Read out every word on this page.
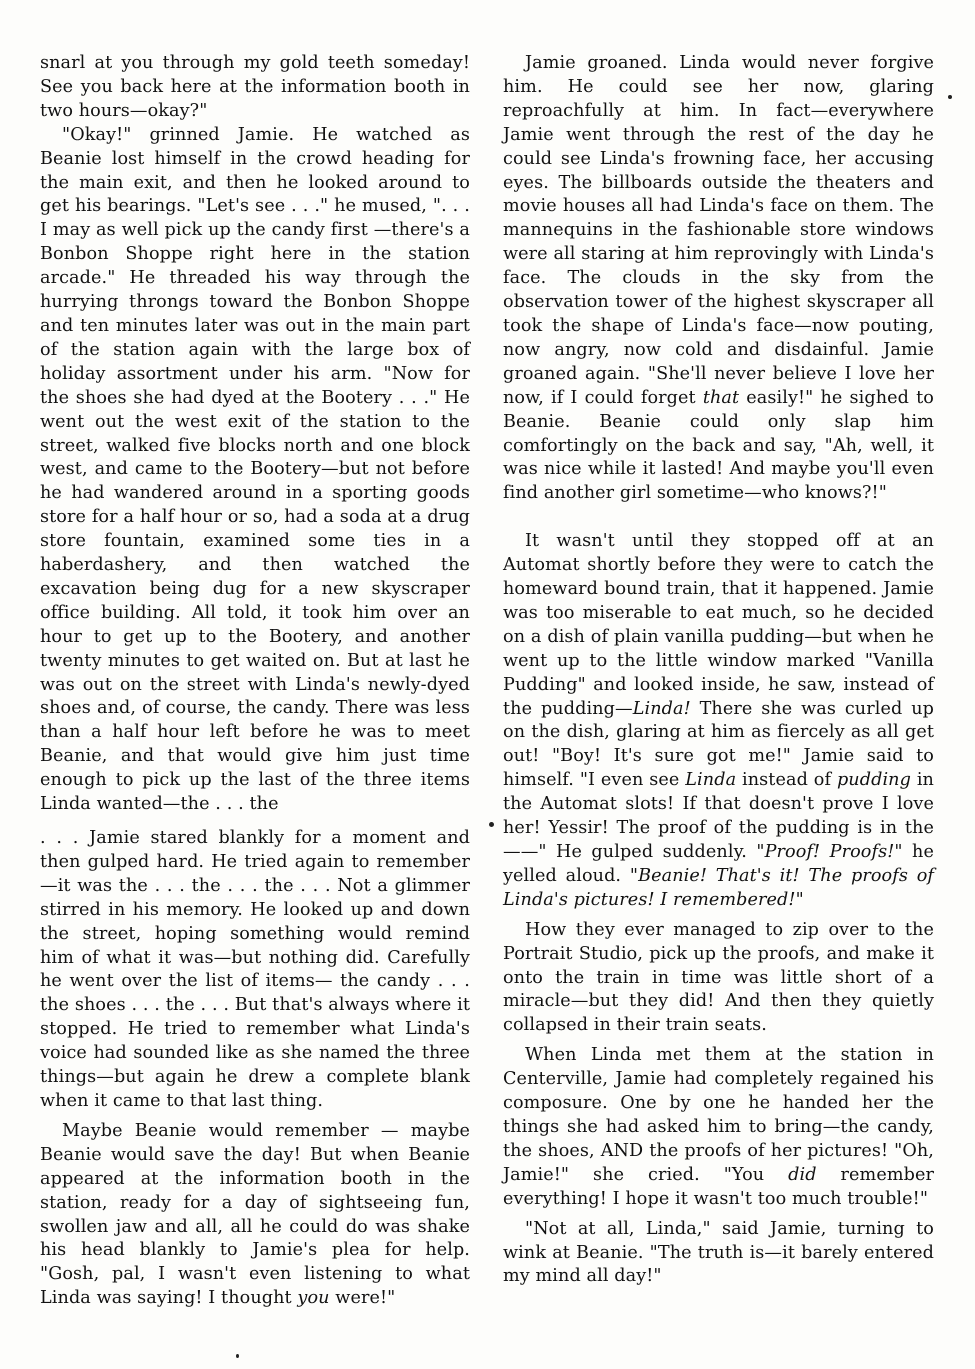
snarl at you through my gold teeth someday! See you back here at the information booth in two hours—okay?"

"Okay!" grinned Jamie. He watched as Beanie lost himself in the crowd heading for the main exit, and then he looked around to get his bearings. "Let's see . . ." he mused, ". . . I may as well pick up the candy first —there's a Bonbon Shoppe right here in the station arcade." He threaded his way through the hurrying throngs toward the Bonbon Shoppe and ten minutes later was out in the main part of the station again with the large box of holiday assortment under his arm. "Now for the shoes she had dyed at the Bootery . . ." He went out the west exit of the station to the street, walked five blocks north and one block west, and came to the Bootery—but not before he had wandered around in a sporting goods store for a half hour or so, had a soda at a drug store fountain, examined some ties in a haberdashery, and then watched the excavation being dug for a new skyscraper office building. All told, it took him over an hour to get up to the Bootery, and another twenty minutes to get waited on. But at last he was out on the street with Linda's newly-dyed shoes and, of course, the candy. There was less than a half hour left before he was to meet Beanie, and that would give him just time enough to pick up the last of the three items Linda wanted—the . . . the

. . . Jamie stared blankly for a moment and then gulped hard. He tried again to remember —it was the . . . the . . . the . . . Not a glimmer stirred in his memory. He looked up and down the street, hoping something would remind him of what it was—but nothing did. Carefully he went over the list of items— the candy . . . the shoes . . . the . . . But that's always where it stopped. He tried to remember what Linda's voice had sounded like as she named the three things—but again he drew a complete blank when it came to that last thing.

Maybe Beanie would remember — maybe Beanie would save the day! But when Beanie appeared at the information booth in the station, ready for a day of sightseeing fun, swollen jaw and all, all he could do was shake his head blankly to Jamie's plea for help. "Gosh, pal, I wasn't even listening to what Linda was saying! I thought you were!"

Jamie groaned. Linda would never forgive him. He could see her now, glaring reproachfully at him. In fact—everywhere Jamie went through the rest of the day he could see Linda's frowning face, her accusing eyes. The billboards outside the theaters and movie houses all had Linda's face on them. The mannequins in the fashionable store windows were all staring at him reprovingly with Linda's face. The clouds in the sky from the observation tower of the highest skyscraper all took the shape of Linda's face—now pouting, now angry, now cold and disdainful. Jamie groaned again. "She'll never believe I love her now, if I could forget that easily!" he sighed to Beanie. Beanie could only slap him comfortingly on the back and say, "Ah, well, it was nice while it lasted! And maybe you'll even find another girl sometime—who knows?!"

It wasn't until they stopped off at an Automat shortly before they were to catch the homeward bound train, that it happened. Jamie was too miserable to eat much, so he decided on a dish of plain vanilla pudding—but when he went up to the little window marked "Vanilla Pudding" and looked inside, he saw, instead of the pudding—Linda! There she was curled up on the dish, glaring at him as fiercely as all get out! "Boy! It's sure got me!" Jamie said to himself. "I even see Linda instead of pudding in the Automat slots! If that doesn't prove I love her! Yessir! The proof of the pudding is in the——" He gulped suddenly. "Proof! Proofs!" he yelled aloud. "Beanie! That's it! The proofs of Linda's pictures! I remembered!"

How they ever managed to zip over to the Portrait Studio, pick up the proofs, and make it onto the train in time was little short of a miracle—but they did! And then they quietly collapsed in their train seats.

When Linda met them at the station in Centerville, Jamie had completely regained his composure. One by one he handed her the things she had asked him to bring—the candy, the shoes, AND the proofs of her pictures! "Oh, Jamie!" she cried. "You did remember everything! I hope it wasn't too much trouble!"

"Not at all, Linda," said Jamie, turning to wink at Beanie. "The truth is—it barely entered my mind all day!"
